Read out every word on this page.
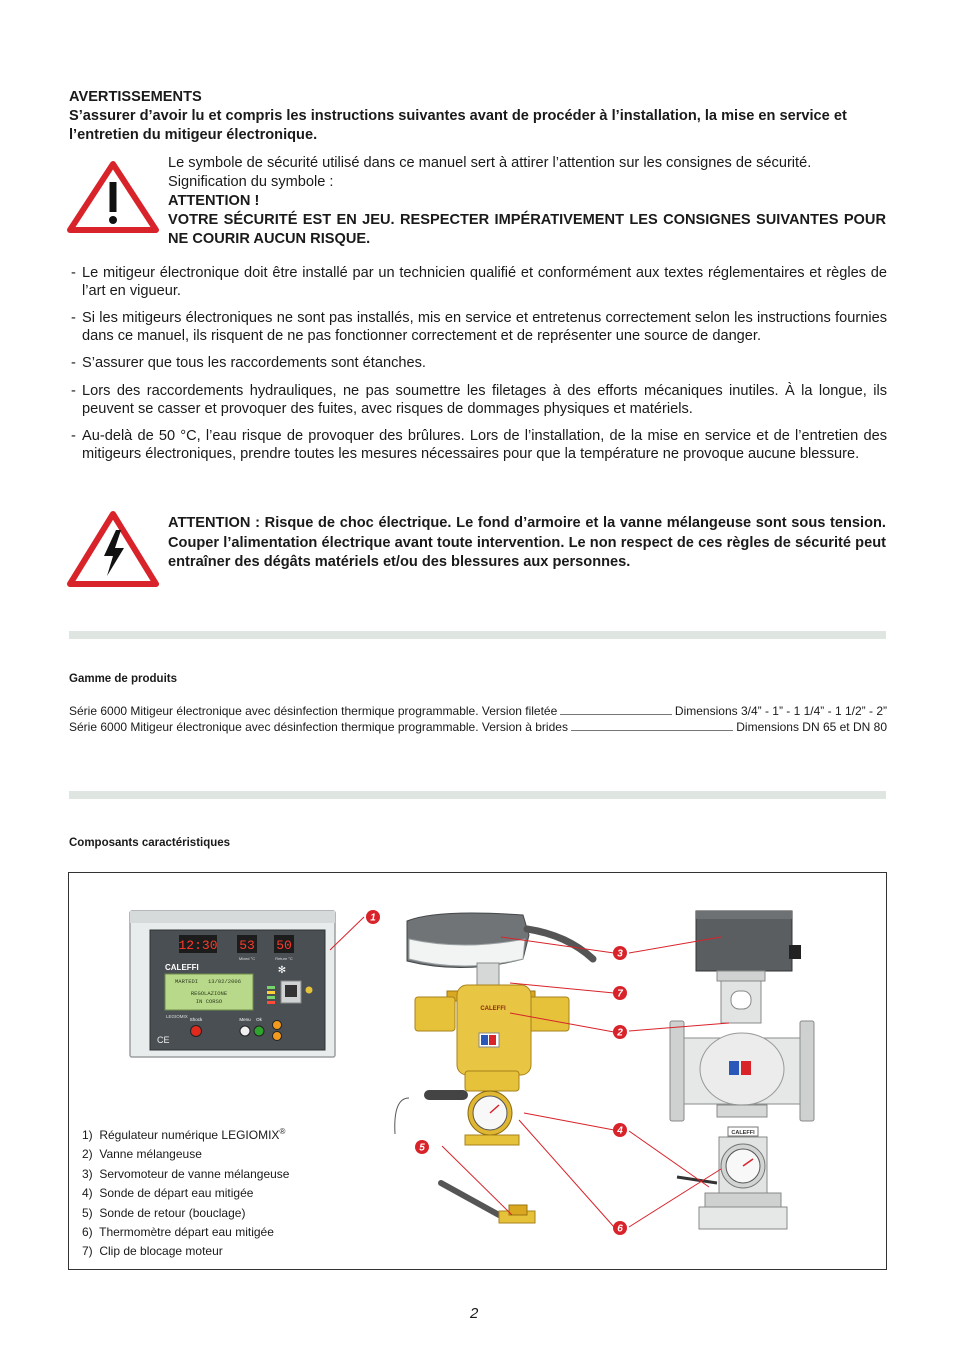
AVERTISSEMENTS
S’assurer d’avoir lu et compris les instructions suivantes avant de procéder à l’installation, la mise en service et l’entretien du mitigeur électronique.
Le symbole de sécurité utilisé dans ce manuel sert à attirer l’attention sur les consignes de sécurité. Signification du symbole :
ATTENTION !
VOTRE SÉCURITÉ EST EN JEU. RESPECTER IMPÉRATIVEMENT LES CONSIGNES SUIVANTES POUR NE COURIR AUCUN RISQUE.
- Le mitigeur électronique doit être installé par un technicien qualifié et conformément aux textes réglementaires et règles de l’art en vigueur.
- Si les mitigeurs électroniques ne sont pas installés, mis en service et entretenus correctement selon les instructions fournies dans ce manuel, ils risquent de ne pas fonctionner correctement et de représenter une source de danger.
- S’assurer que tous les raccordements sont étanches.
- Lors des raccordements hydrauliques, ne pas soumettre les filetages à des efforts mécaniques inutiles. À la longue, ils peuvent se casser et provoquer des fuites, avec risques de dommages physiques et matériels.
- Au-delà de 50 °C, l’eau risque de provoquer des brûlures. Lors de l’installation, de la mise en service et de l’entretien des mitigeurs électroniques, prendre toutes les mesures nécessaires pour que la température ne provoque aucune blessure.
ATTENTION : Risque de choc électrique. Le fond d’armoire et la vanne mélangeuse sont sous tension. Couper l’alimentation électrique avant toute intervention. Le non respect de ces règles de sécurité peut entraîner des dégâts matériels et/ou des blessures aux personnes.
Gamme de produits
Série 6000 Mitigeur électronique avec désinfection thermique programmable. Version filetée	Dimensions 3/4” - 1” - 1 1/4” - 1 1/2” - 2”
Série 6000 Mitigeur électronique avec désinfection thermique programmable. Version à brides	Dimensions DN 65 et DN 80
Composants caractéristiques
12:30 53 50
Mixed °C	Return °C
CALEFFI	✻
MARTEDI 13/02/2006
REGOLAZIONE
IN CORSO
LEGIOMIX
Shock	Menu Ok
CE
CALEFFI
CALEFFI
1
3
7
2
4
5
6
1) Régulateur numérique LEGIOMIX®
2) Vanne mélangeuse
3) Servomoteur de vanne mélangeuse
4) Sonde de départ eau mitigée
5) Sonde de retour (bouclage)
6) Thermomètre départ eau mitigée
7) Clip de blocage moteur
2
